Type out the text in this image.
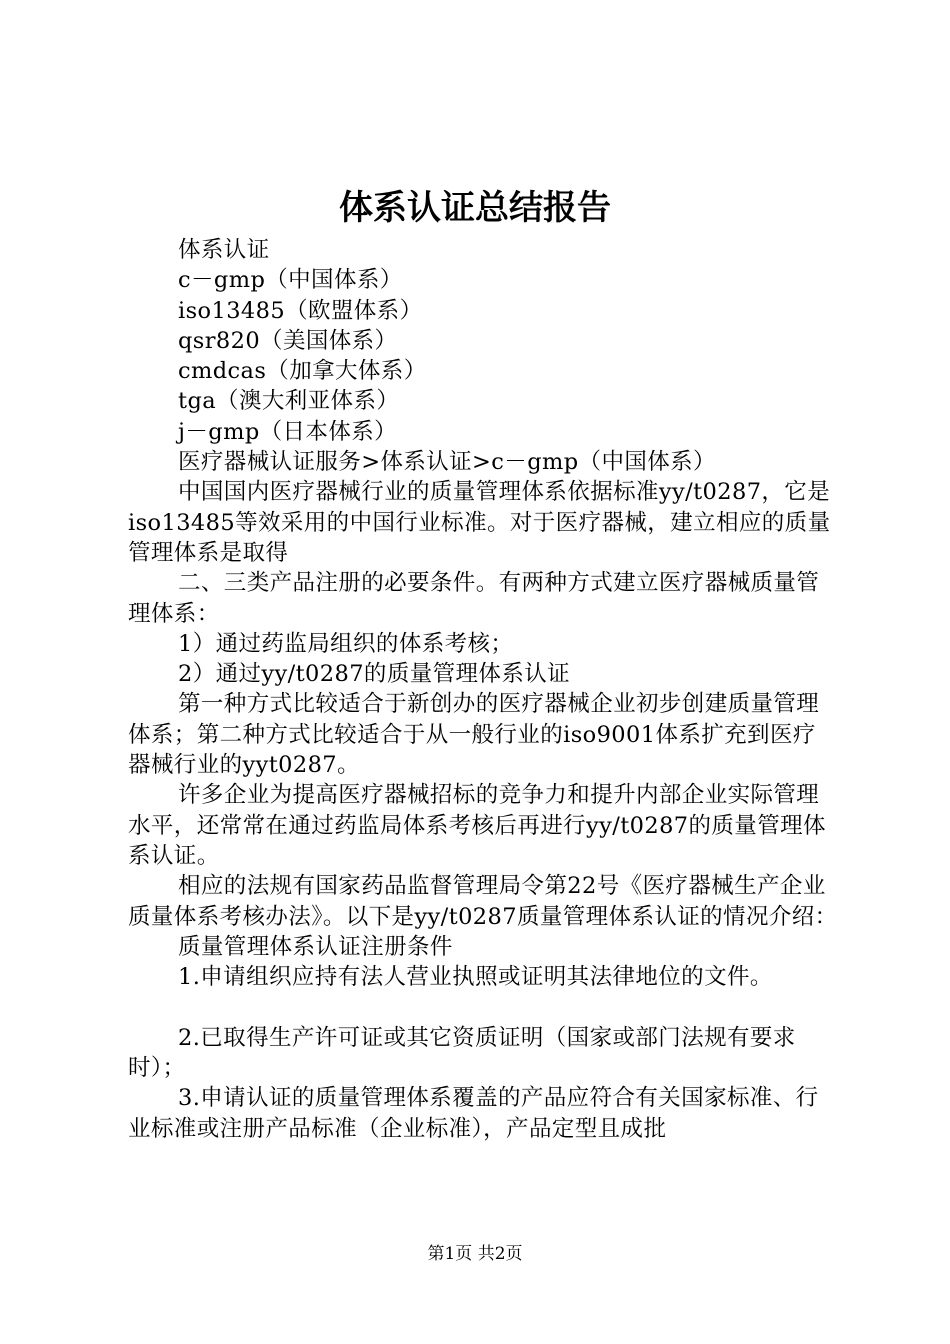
体系认证总结报告

体系认证

c－gmp（中国体系）

iso13485（欧盟体系）

qsr820（美国体系）

cmdcas（加拿大体系）

tga（澳大利亚体系）

j－gmp（日本体系）

医疗器械认证服务>体系认证>c－gmp（中国体系）

中国国内医疗器械行业的质量管理体系依据标准yy/t0287，它是iso13485等效采用的中国行业标准。对于医疗器械，建立相应的质量管理体系是取得

二、三类产品注册的必要条件。有两种方式建立医疗器械质量管理体系：

1）通过药监局组织的体系考核；

2）通过yy/t0287的质量管理体系认证

第一种方式比较适合于新创办的医疗器械企业初步创建质量管理体系；第二种方式比较适合于从一般行业的iso9001体系扩充到医疗器械行业的yyt0287。

许多企业为提高医疗器械招标的竞争力和提升内部企业实际管理水平，还常常在通过药监局体系考核后再进行yy/t0287的质量管理体系认证。

相应的法规有国家药品监督管理局令第22号《医疗器械生产企业质量体系考核办法》。以下是yy/t0287质量管理体系认证的情况介绍：

质量管理体系认证注册条件

1.申请组织应持有法人营业执照或证明其法律地位的文件。

2.已取得生产许可证或其它资质证明（国家或部门法规有要求时）；

3.申请认证的质量管理体系覆盖的产品应符合有关国家标准、行业标准或注册产品标准（企业标准），产品定型且成批

第1页 共2页
